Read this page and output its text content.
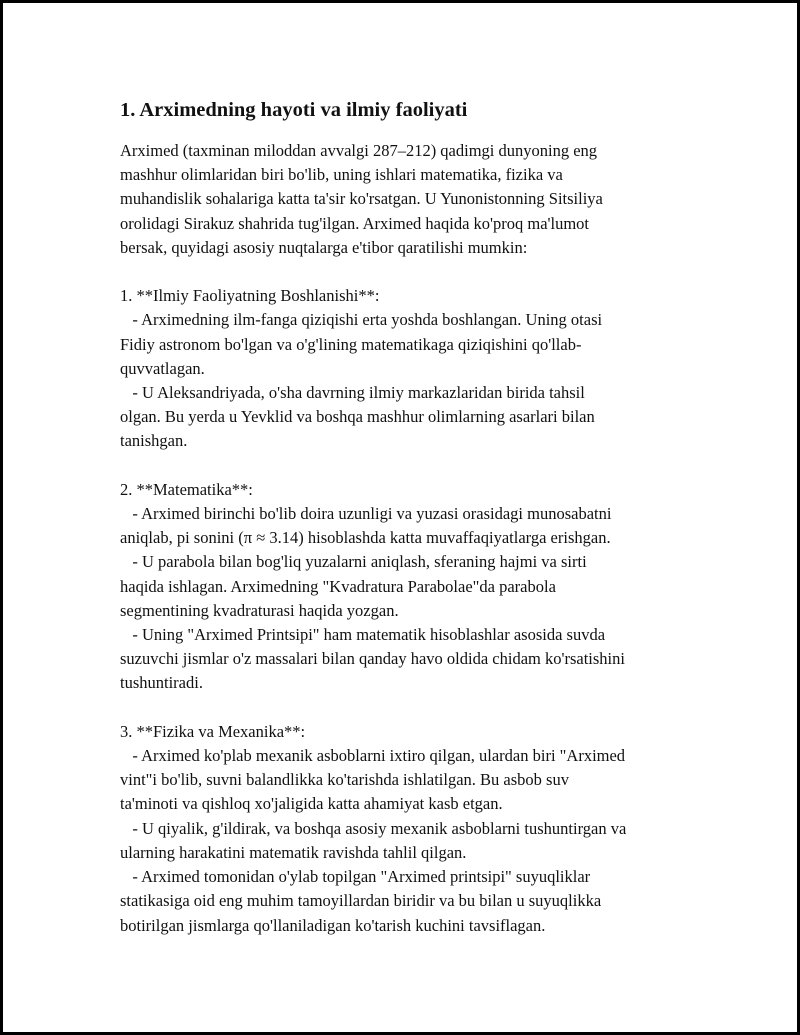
1. Arximedning hayoti va ilmiy faoliyati

Arximed (taxminan miloddan avvalgi 287–212) qadimgi dunyoning eng
mashhur olimlaridan biri bo'lib, uning ishlari matematika, fizika va
muhandislik sohalariga katta ta'sir ko'rsatgan. U Yunonistonning Sitsiliya
orolidagi Sirakuz shahrida tug'ilgan. Arximed haqida ko'proq ma'lumot
bersak, quyidagi asosiy nuqtalarga e'tibor qaratilishi mumkin:

1. **Ilmiy Faoliyatning Boshlanishi**:
- Arximedning ilm-fanga qiziqishi erta yoshda boshlangan. Uning otasi
Fidiy astronom bo'lgan va o'g'lining matematikaga qiziqishini qo'llab-
quvvatlagan.
- U Aleksandriyada, o'sha davrning ilmiy markazlaridan birida tahsil
olgan. Bu yerda u Yevklid va boshqa mashhur olimlarning asarlari bilan
tanishgan.

2. **Matematika**:
- Arximed birinchi bo'lib doira uzunligi va yuzasi orasidagi munosabatni
aniqlab, pi sonini (π ≈ 3.14) hisoblashda katta muvaffaqiyatlarga erishgan.
- U parabola bilan bog'liq yuzalarni aniqlash, sferaning hajmi va sirti
haqida ishlagan. Arximedning "Kvadratura Parabolae"da parabola
segmentining kvadraturasi haqida yozgan.
- Uning "Arximed Printsipi" ham matematik hisoblashlar asosida suvda
suzuvchi jismlar o'z massalari bilan qanday havo oldida chidam ko'rsatishini
tushuntiradi.

3. **Fizika va Mexanika**:
- Arximed ko'plab mexanik asboblarni ixtiro qilgan, ulardan biri "Arximed
vint"i bo'lib, suvni balandlikka ko'tarishda ishlatilgan. Bu asbob suv
ta'minoti va qishloq xo'jaligida katta ahamiyat kasb etgan.
- U qiyalik, g'ildirak, va boshqa asosiy mexanik asboblarni tushuntirgan va
ularning harakatini matematik ravishda tahlil qilgan.
- Arximed tomonidan o'ylab topilgan "Arximed printsipi" suyuqliklar
statikasiga oid eng muhim tamoyillardan biridir va bu bilan u suyuqlikka
botirilgan jismlarga qo'llaniladigan ko'tarish kuchini tavsiflagan.
